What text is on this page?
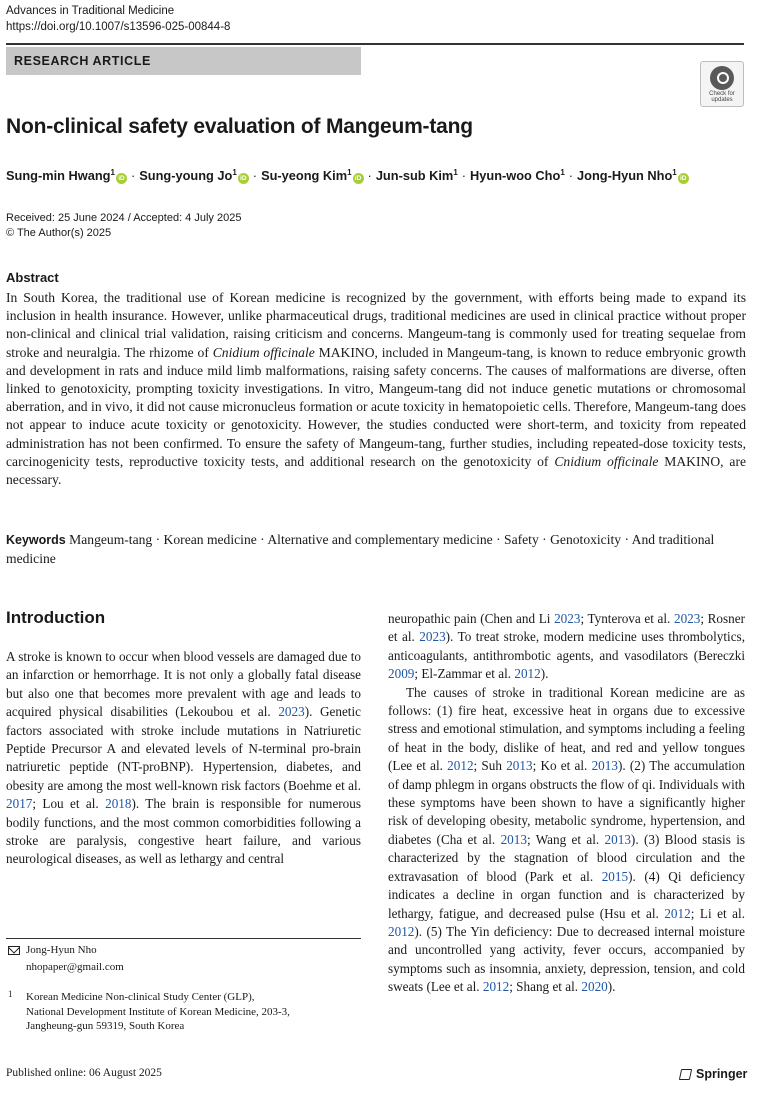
Advances in Traditional Medicine
https://doi.org/10.1007/s13596-025-00844-8
RESEARCH ARTICLE
Check for updates
Non-clinical safety evaluation of Mangeum-tang
Sung-min Hwang$^1$iD · Sung-young $Jo^1iD$ · Su-yeong Kim$^1$iD · Jun-sub Kim$^1$ · Hyun-woo Cho$^1$ · Jong-Hyun Nho$^1$iD
Received: 25 June 2024 / Accepted: 4 July 2025
© The Author(s) 2025
Abstract
In South Korea, the traditional use of Korean medicine is recognized by the government, with efforts being made to expand its inclusion in health insurance. However, unlike pharmaceutical drugs, traditional medicines are used in clinical practice without proper non-clinical and clinical trial validation, raising criticism and concerns. Mangeum-tang is commonly used for treating sequelae from stroke and neuralgia. The rhizome of Cnidium officinale MAKINO, included in Mangeum-tang, is known to reduce embryonic growth and development in rats and induce mild limb malformations, raising safety concerns. The causes of malformations are diverse, often linked to genotoxicity, prompting toxicity investigations. In vitro, Mangeum-tang did not induce genetic mutations or chromosomal aberration, and in vivo, it did not cause micronucleus formation or acute toxicity in hematopoietic cells. Therefore, Mangeum-tang does not appear to induce acute toxicity or genotoxicity. However, the studies conducted were short-term, and toxicity from repeated administration has not been confirmed. To ensure the safety of Mangeum-tang, further studies, including repeated-dose toxicity tests, carcinogenicity tests, reproductive toxicity tests, and additional research on the genotoxicity of Cnidium officinale MAKINO, are necessary.
Keywords Mangeum-tang · Korean medicine · Alternative and complementary medicine · Safety · Genotoxicity · And traditional medicine
Introduction
A stroke is known to occur when blood vessels are damaged due to an infarction or hemorrhage. It is not only a globally fatal disease but also one that becomes more prevalent with age and leads to acquired physical disabilities (Lekoubou et al. 2023). Genetic factors associated with stroke include mutations in Natriuretic Peptide Precursor A and elevated levels of N-terminal pro-brain natriuretic peptide (NT-proBNP). Hypertension, diabetes, and obesity are among the most well-known risk factors (Boehme et al. 2017; Lou et al. 2018). The brain is responsible for numerous bodily functions, and the most common comorbidities following a stroke are paralysis, congestive heart failure, and various neurological diseases, as well as lethargy and central

neuropathic pain (Chen and Li 2023; Tynterova et al. 2023; Rosner et al. 2023). To treat stroke, modern medicine uses thrombolytics, anticoagulants, antithrombotic agents, and vasodilators (Bereczki 2009; El-Zammar et al. 2012).

The causes of stroke in traditional Korean medicine are as follows: (1) fire heat, excessive heat in organs due to excessive stress and emotional stimulation, and symptoms including a feeling of heat in the body, dislike of heat, and red and yellow tongues (Lee et al. 2012; Suh 2013; Ko et al. 2013). (2) The accumulation of damp phlegm in organs obstructs the flow of qi. Individuals with these symptoms have been shown to have a significantly higher risk of developing obesity, metabolic syndrome, hypertension, and diabetes (Cha et al. 2013; Wang et al. 2013). (3) Blood stasis is characterized by the stagnation of blood circulation and the extravasation of blood (Park et al. 2015). (4) Qi deficiency indicates a decline in organ function and is characterized by lethargy, fatigue, and decreased pulse (Hsu et al. 2012; Li et al. 2012). (5) The Yin deficiency: Due to decreased internal moisture and uncontrolled yang activity, fever occurs, accompanied by symptoms such as insomnia, anxiety, depression, tension, and cold sweats (Lee et al. 2012; Shang et al. 2020).

Jong-Hyun Nho
nhopaper@gmail.com
1 Korean Medicine Non-clinical Study Center (GLP),
National Development Institute of Korean Medicine, 203-3,
Jangheung-gun 59319, South Korea
Published online: 06 August 2025	Springer
